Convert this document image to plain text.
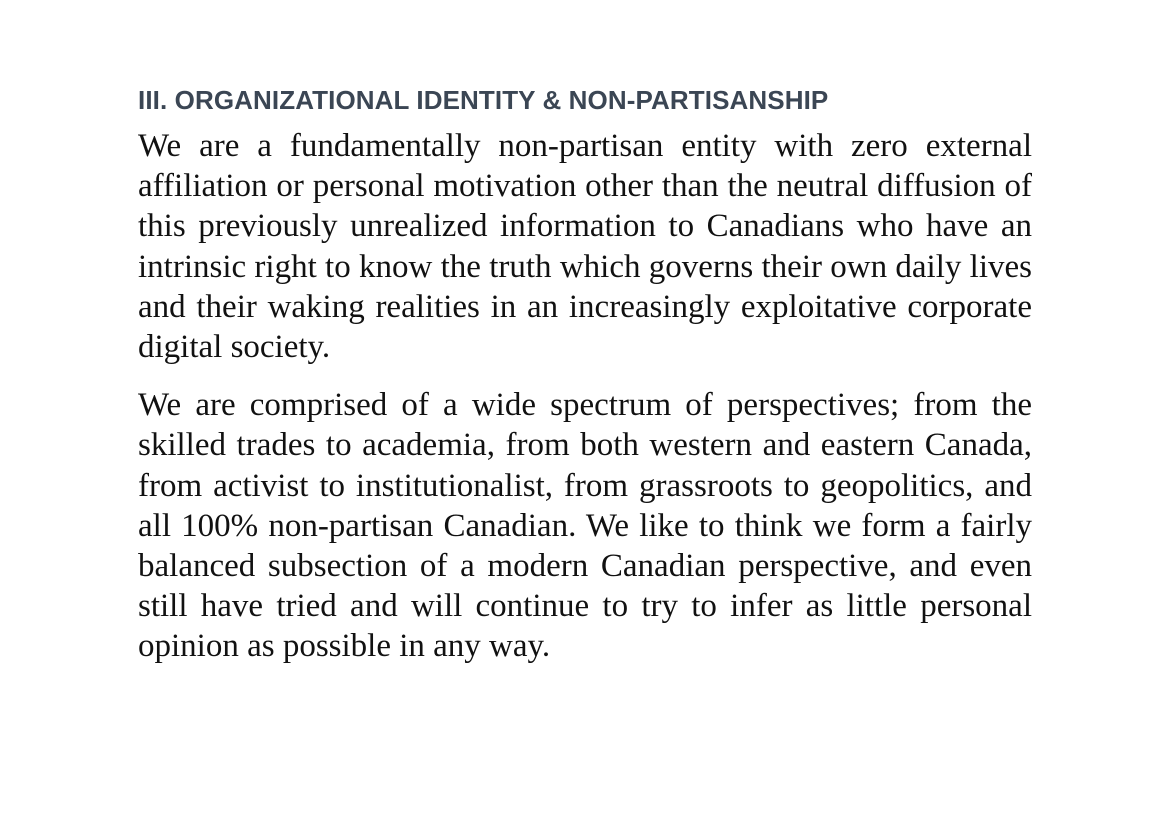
III. ORGANIZATIONAL IDENTITY & NON-PARTISANSHIP

We are a fundamentally non-partisan entity with zero external affiliation or personal motivation other than the neutral diffusion of this previously unrealized information to Canadians who have an intrinsic right to know the truth which governs their own daily lives and their waking realities in an increasingly exploitative corporate digital society.

We are comprised of a wide spectrum of perspectives; from the skilled trades to academia, from both western and eastern Canada, from activist to institutionalist, from grassroots to geopolitics, and all 100% non-partisan Canadian. We like to think we form a fairly balanced subsection of a modern Canadian perspective, and even still have tried and will continue to try to infer as little personal opinion as possible in any way.
